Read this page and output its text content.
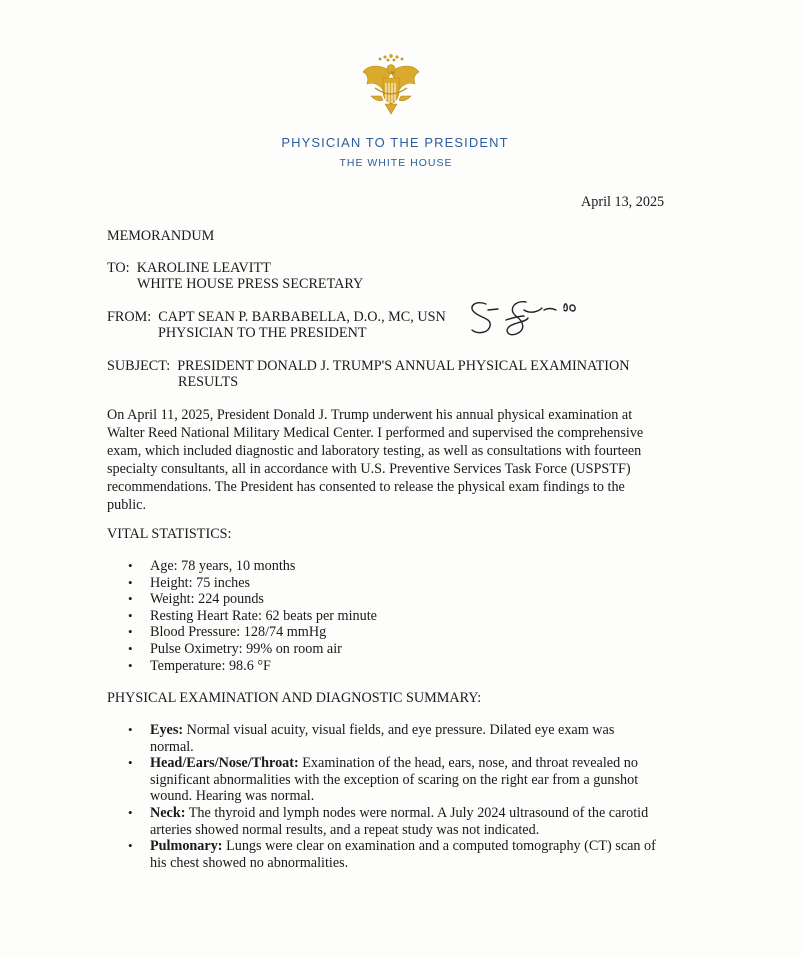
PHYSICIAN TO THE PRESIDENT
THE WHITE HOUSE
April 13, 2025
MEMORANDUM
TO: KAROLINE LEAVITT
WHITE HOUSE PRESS SECRETARY
FROM: CAPT SEAN P. BARBABELLA, D.O., MC, USN
PHYSICIAN TO THE PRESIDENT
SUBJECT: PRESIDENT DONALD J. TRUMP'S ANNUAL PHYSICAL EXAMINATION
RESULTS
On April 11, 2025, President Donald J. Trump underwent his annual physical examination at
Walter Reed National Military Medical Center. I performed and supervised the comprehensive
exam, which included diagnostic and laboratory testing, as well as consultations with fourteen
specialty consultants, all in accordance with U.S. Preventive Services Task Force (USPSTF)
recommendations. The President has consented to release the physical exam findings to the
public.
VITAL STATISTICS:
• Age: 78 years, 10 months
• Height: 75 inches
• Weight: 224 pounds
• Resting Heart Rate: 62 beats per minute
• Blood Pressure: 128/74 mmHg
• Pulse Oximetry: 99% on room air
• Temperature: 98.6 °F
PHYSICAL EXAMINATION AND DIAGNOSTIC SUMMARY:
• Eyes: Normal visual acuity, visual fields, and eye pressure. Dilated eye exam was
normal.
• Head/Ears/Nose/Throat: Examination of the head, ears, nose, and throat revealed no
significant abnormalities with the exception of scaring on the right ear from a gunshot
wound. Hearing was normal.
• Neck: The thyroid and lymph nodes were normal. A July 2024 ultrasound of the carotid
arteries showed normal results, and a repeat study was not indicated.
• Pulmonary: Lungs were clear on examination and a computed tomography (CT) scan of
his chest showed no abnormalities.
